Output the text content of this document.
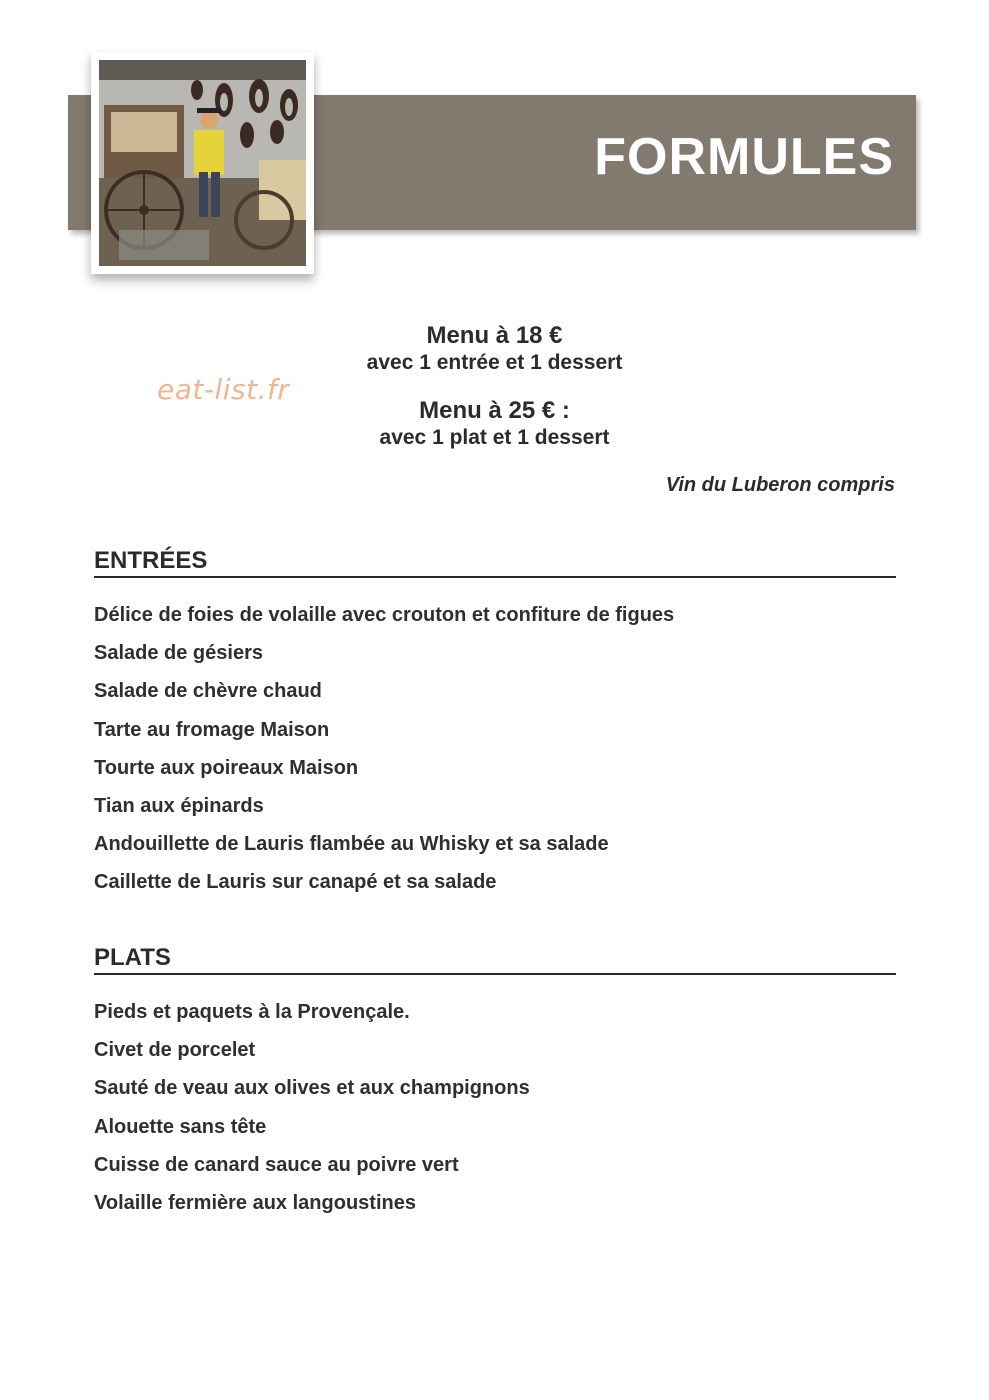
FORMULES
Menu à 18 €
avec 1 entrée et 1 dessert
eat-list.fr
Menu à 25 € :
avec 1 plat et 1 dessert
Vin du Luberon compris
ENTRÉES
Délice de foies de volaille avec crouton et confiture de figues
Salade de gésiers
Salade de chèvre chaud
Tarte au fromage Maison
Tourte aux poireaux Maison
Tian aux épinards
Andouillette de Lauris flambée au Whisky et sa salade
Caillette de Lauris sur canapé et sa salade
PLATS
Pieds et paquets à la Provençale.
Civet de porcelet
Sauté de veau aux olives et aux champignons
Alouette sans tête
Cuisse de canard sauce au poivre vert
Volaille fermière aux langoustines
